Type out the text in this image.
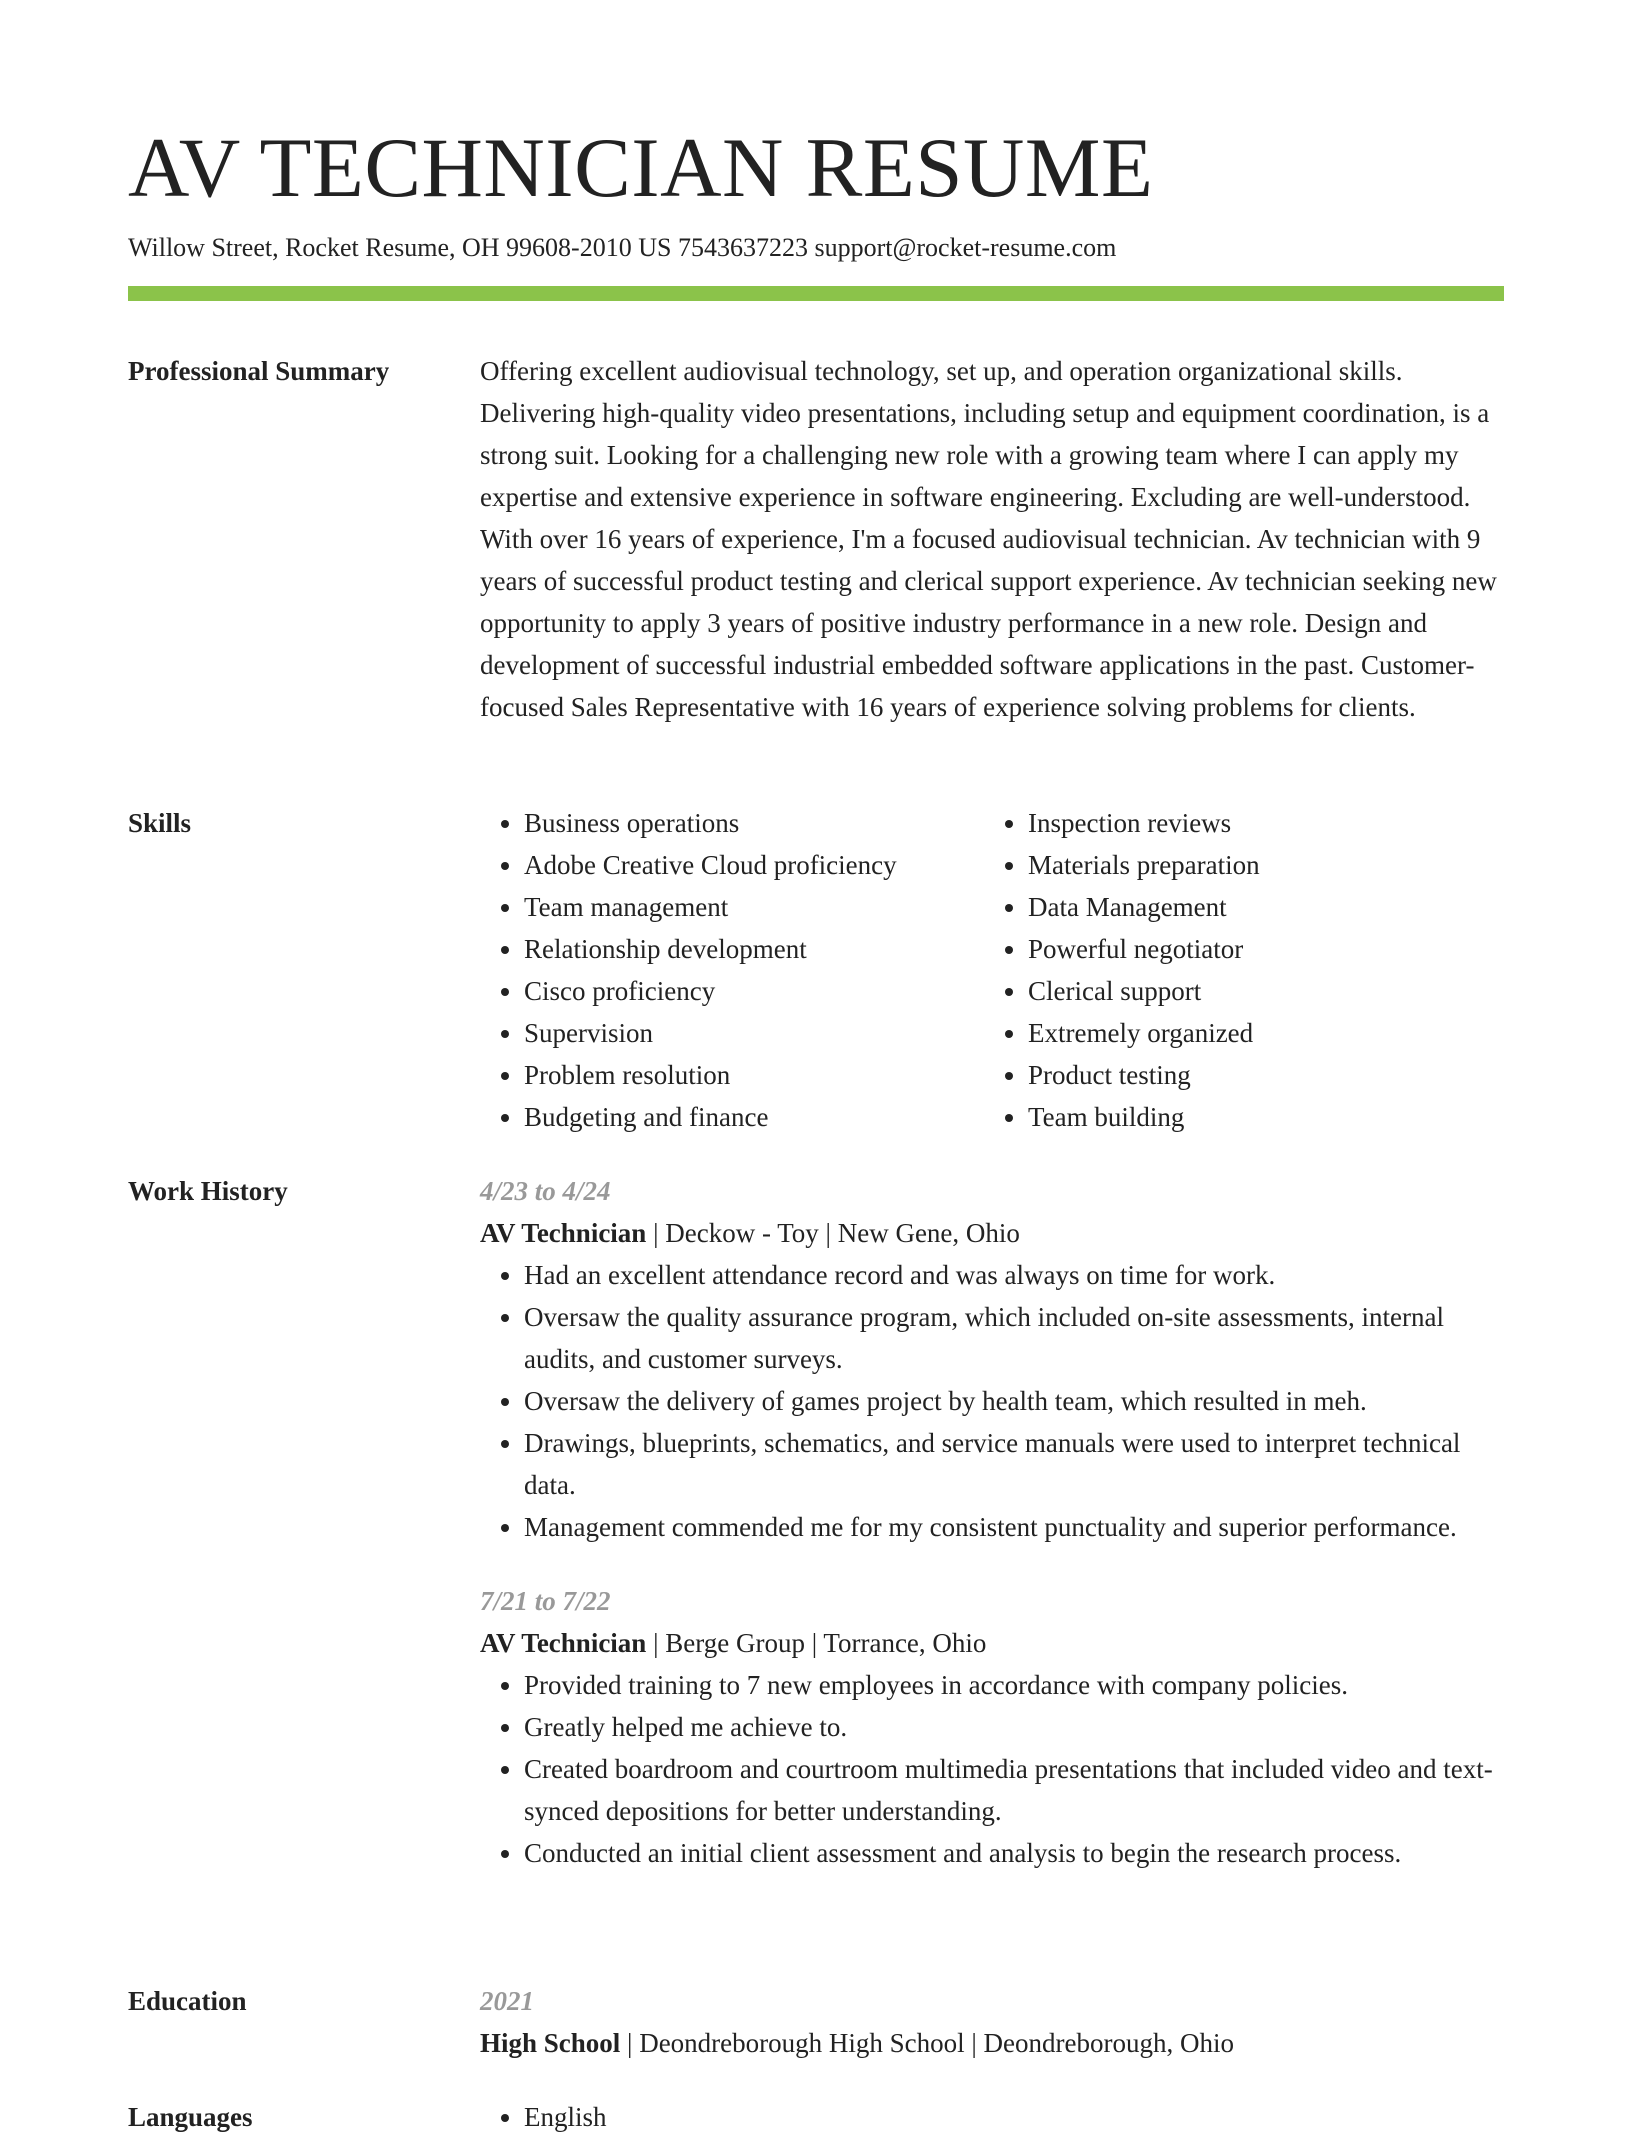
AV TECHNICIAN RESUME
Willow Street, Rocket Resume, OH 99608-2010 US 7543637223 support@rocket-resume.com
Professional Summary	Offering excellent audiovisual technology, set up, and operation organizational skills. Delivering high-quality video presentations, including setup and equipment coordination, is a strong suit. Looking for a challenging new role with a growing team where I can apply my expertise and extensive experience in software engineering. Excluding are well-understood. With over 16 years of experience, I'm a focused audiovisual technician. Av technician with 9 years of successful product testing and clerical support experience. Av technician seeking new opportunity to apply 3 years of positive industry performance in a new role. Design and development of successful industrial embedded software applications in the past. Customer-focused Sales Representative with 16 years of experience solving problems for clients.

Skills	• Business operations
• Adobe Creative Cloud proficiency
• Team management
• Relationship development
• Cisco proficiency
• Supervision
• Problem resolution
• Budgeting and finance
• Inspection reviews
• Materials preparation
• Data Management
• Powerful negotiator
• Clerical support
• Extremely organized
• Product testing
• Team building
Work History	4/23 to 4/24
AV Technician | Deckow - Toy | New Gene, Ohio
• Had an excellent attendance record and was always on time for work.
• Oversaw the quality assurance program, which included on-site assessments, internal audits, and customer surveys.
• Oversaw the delivery of games project by health team, which resulted in meh.
• Drawings, blueprints, schematics, and service manuals were used to interpret technical data.
• Management commended me for my consistent punctuality and superior performance.
7/21 to 7/22
AV Technician | Berge Group | Torrance, Ohio
• Provided training to 7 new employees in accordance with company policies.
• Greatly helped me achieve to.
• Created boardroom and courtroom multimedia presentations that included video and text-synced depositions for better understanding.
• Conducted an initial client assessment and analysis to begin the research process.
Education	2021
High School | Deondreborough High School | Deondreborough, Ohio
Languages	• English
